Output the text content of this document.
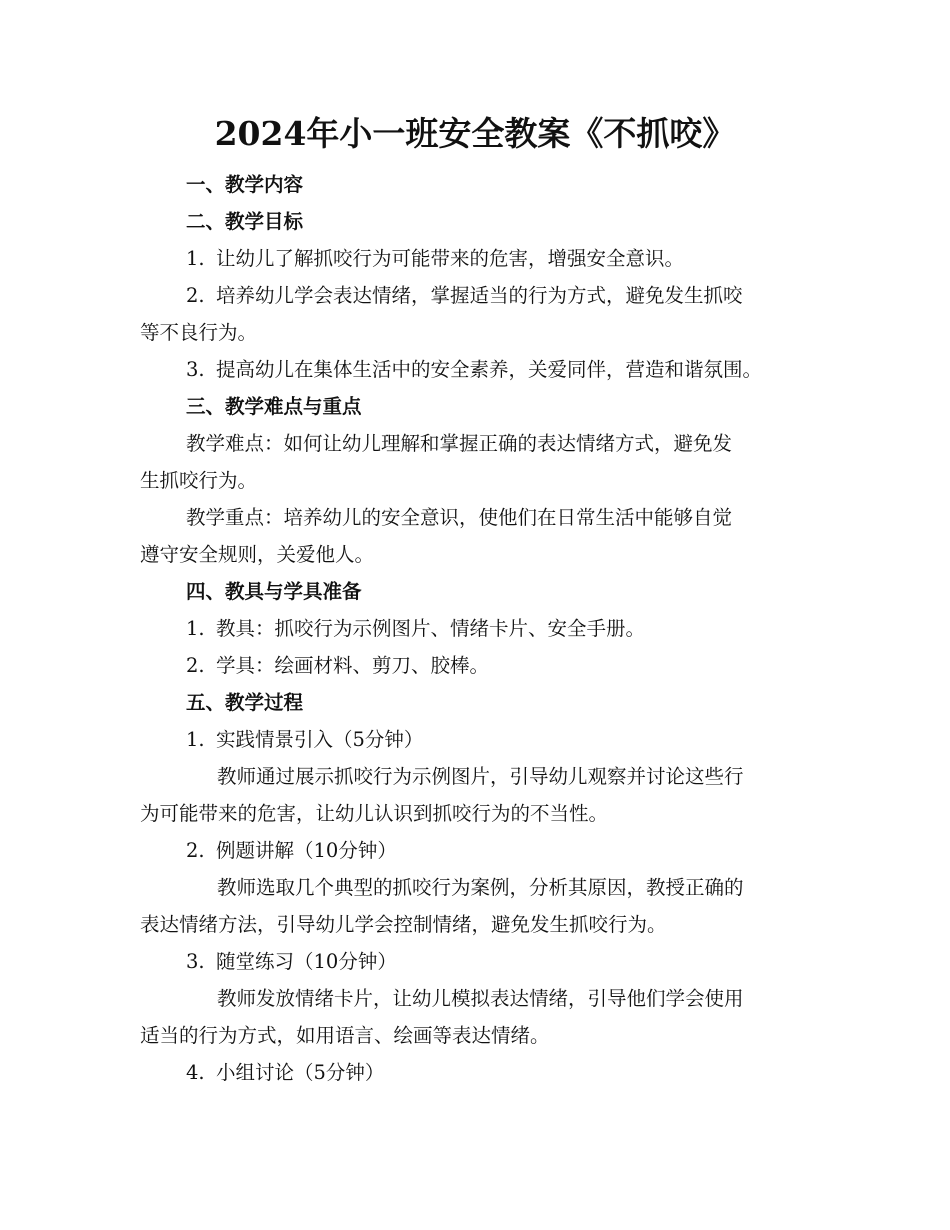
2024年小一班安全教案《不抓咬》

一、教学内容

二、教学目标

1. 让幼儿了解抓咬行为可能带来的危害，增强安全意识。

2. 培养幼儿学会表达情绪，掌握适当的行为方式，避免发生抓咬

等不良行为。

3. 提高幼儿在集体生活中的安全素养，关爱同伴，营造和谐氛围。

三、教学难点与重点

教学难点：如何让幼儿理解和掌握正确的表达情绪方式，避免发

生抓咬行为。

教学重点：培养幼儿的安全意识，使他们在日常生活中能够自觉

遵守安全规则，关爱他人。

四、教具与学具准备

1. 教具：抓咬行为示例图片、情绪卡片、安全手册。

2. 学具：绘画材料、剪刀、胶棒。

五、教学过程

1. 实践情景引入（5分钟）

教师通过展示抓咬行为示例图片，引导幼儿观察并讨论这些行

为可能带来的危害，让幼儿认识到抓咬行为的不当性。

2. 例题讲解（10分钟）

教师选取几个典型的抓咬行为案例，分析其原因，教授正确的

表达情绪方法，引导幼儿学会控制情绪，避免发生抓咬行为。

3. 随堂练习（10分钟）

教师发放情绪卡片，让幼儿模拟表达情绪，引导他们学会使用

适当的行为方式，如用语言、绘画等表达情绪。

4. 小组讨论（5分钟）
